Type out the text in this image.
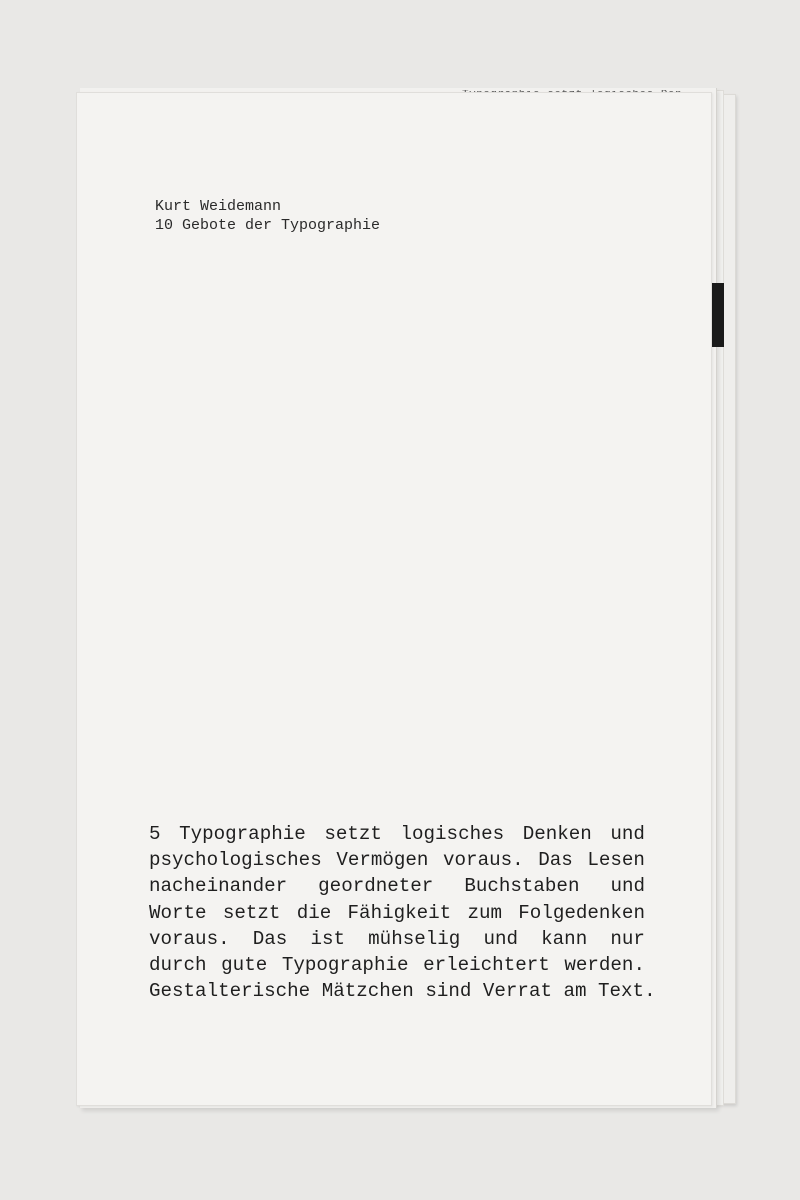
Kurt Weidemann
10 Gebote der Typographie
5 Typographie setzt logisches Denken und
psychologisches Vermögen voraus. Das Lesen
nacheinander geordneter Buchstaben und
Worte setzt die Fähigkeit zum Folgedenken
voraus. Das ist mühselig und kann nur
durch gute Typographie erleichtert werden.
Gestalterische Mätzchen sind Verrat am Text.
